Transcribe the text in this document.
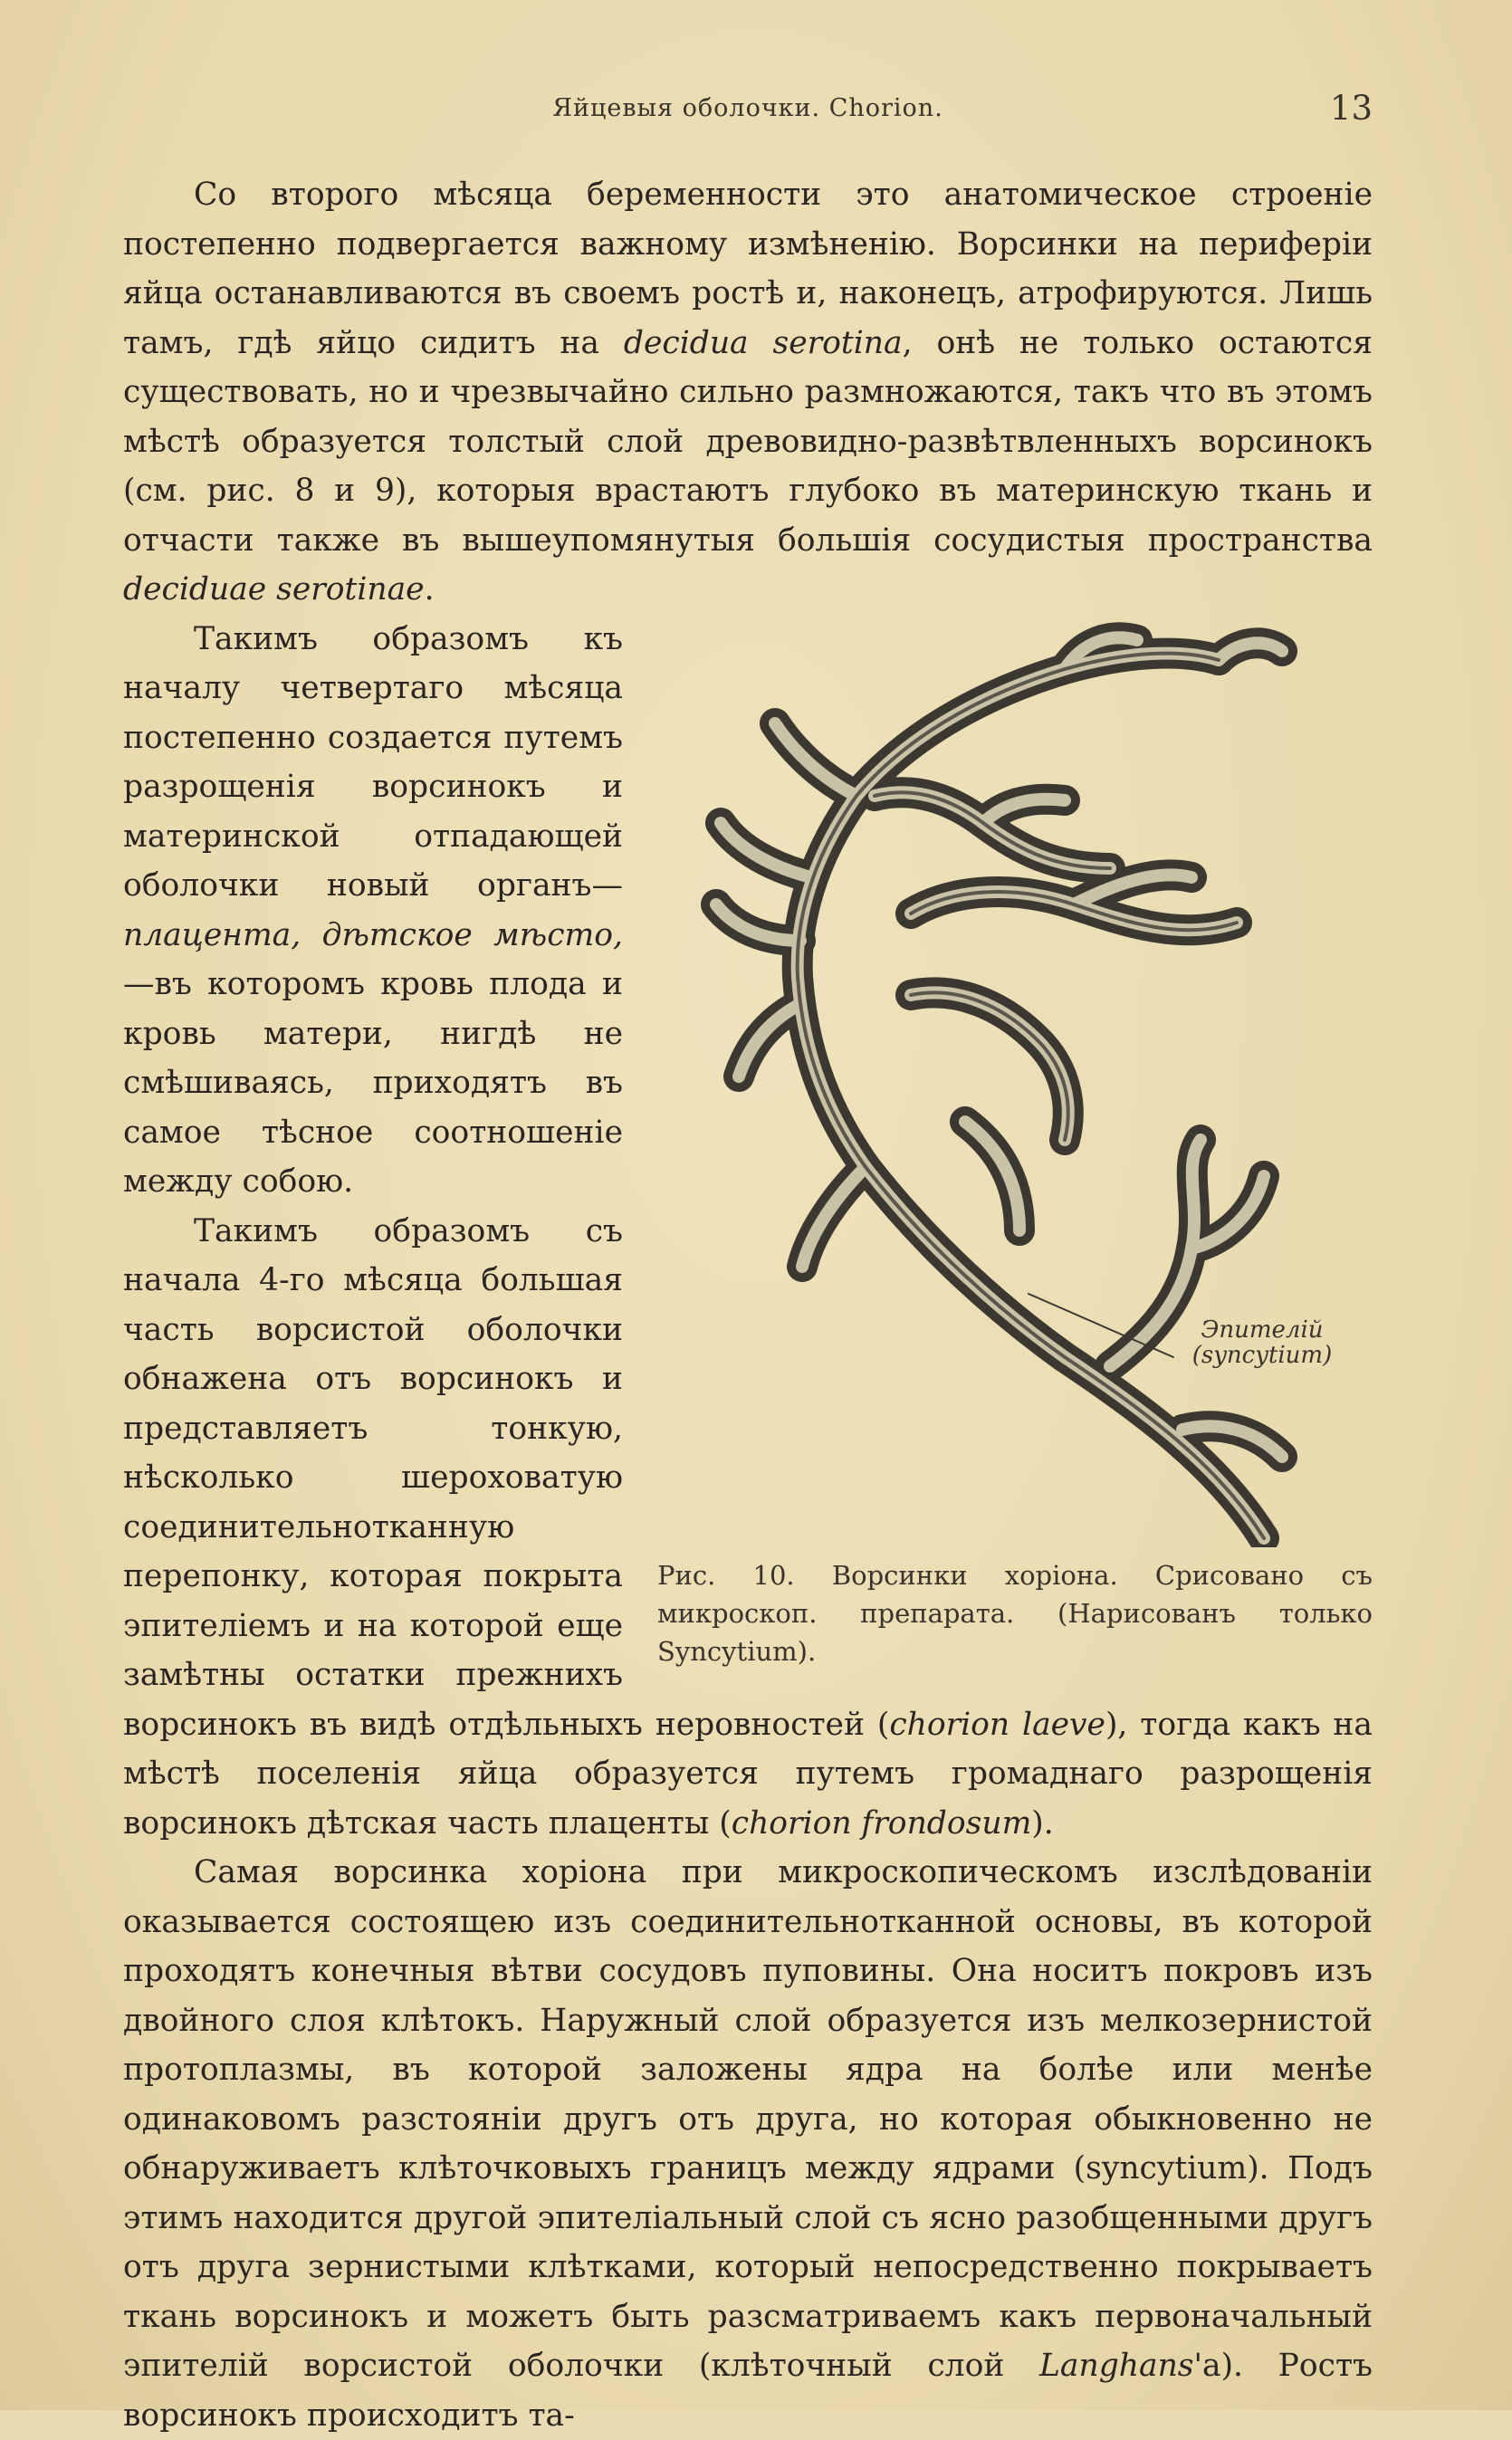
Яйцевыя оболочки. Chorion.	13

Со второго мѣсяца беременности это анатомическое строеніе постепенно подвергается важному измѣненію. Ворсинки на периферіи яйца останавливаются въ своемъ ростѣ и, наконецъ, атрофируются. Лишь тамъ, гдѣ яйцо сидитъ на decidua serotina, онѣ не только остаются существовать, но и чрезвычайно сильно размножаются, такъ что въ этомъ мѣстѣ образуется толстый слой древовидно-развѣтвленныхъ ворсинокъ (см. рис. 8 и 9), которыя врастаютъ глубоко въ материнскую ткань и отчасти также въ вышеупомянутыя большія сосудистыя пространства deciduae serotinae.

Эпителій
(syncytium)
Рис. 10. Ворсинки хоріона. Срисовано съ микроскоп. препарата. (Нарисованъ только Syncytium).

Такимъ образомъ къ началу четвертаго мѣсяца постепенно создается путемъ разрощенія ворсинокъ и материнской отпадающей оболочки новый органъ—плацента, дѣтское мѣсто,—въ которомъ кровь плода и кровь матери, нигдѣ не смѣшиваясь, приходятъ въ самое тѣсное соотношеніе между собою.

Такимъ образомъ съ начала 4-го мѣсяца большая часть ворсистой оболочки обнажена отъ ворсинокъ и представляетъ тонкую, нѣсколько шероховатую соединительнотканную перепонку, которая покрыта эпителіемъ и на которой еще замѣтны остатки прежнихъ ворсинокъ въ видѣ отдѣльныхъ неровностей (chorion laeve), тогда какъ на мѣстѣ поселенія яйца образуется путемъ громаднаго разрощенія ворсинокъ дѣтская часть плаценты (chorion frondosum).

Самая ворсинка хоріона при микроскопическомъ изслѣдованіи оказывается состоящею изъ соединительнотканной основы, въ которой проходятъ конечныя вѣтви сосудовъ пуповины. Она носитъ покровъ изъ двойного слоя клѣтокъ. Наружный слой образуется изъ мелкозернистой протоплазмы, въ которой заложены ядра на болѣе или менѣе одинаковомъ разстояніи другъ отъ друга, но которая обыкновенно не обнаруживаетъ клѣточковыхъ границъ между ядрами (syncytium). Подъ этимъ находится другой эпителіальный слой съ ясно разобщенными другъ отъ друга зернистыми клѣтками, который непосредственно покрываетъ ткань ворсинокъ и можетъ быть разсматриваемъ какъ первоначальный эпителій ворсистой оболочки (клѣточный слой Langhans'а). Ростъ ворсинокъ происходитъ та-
